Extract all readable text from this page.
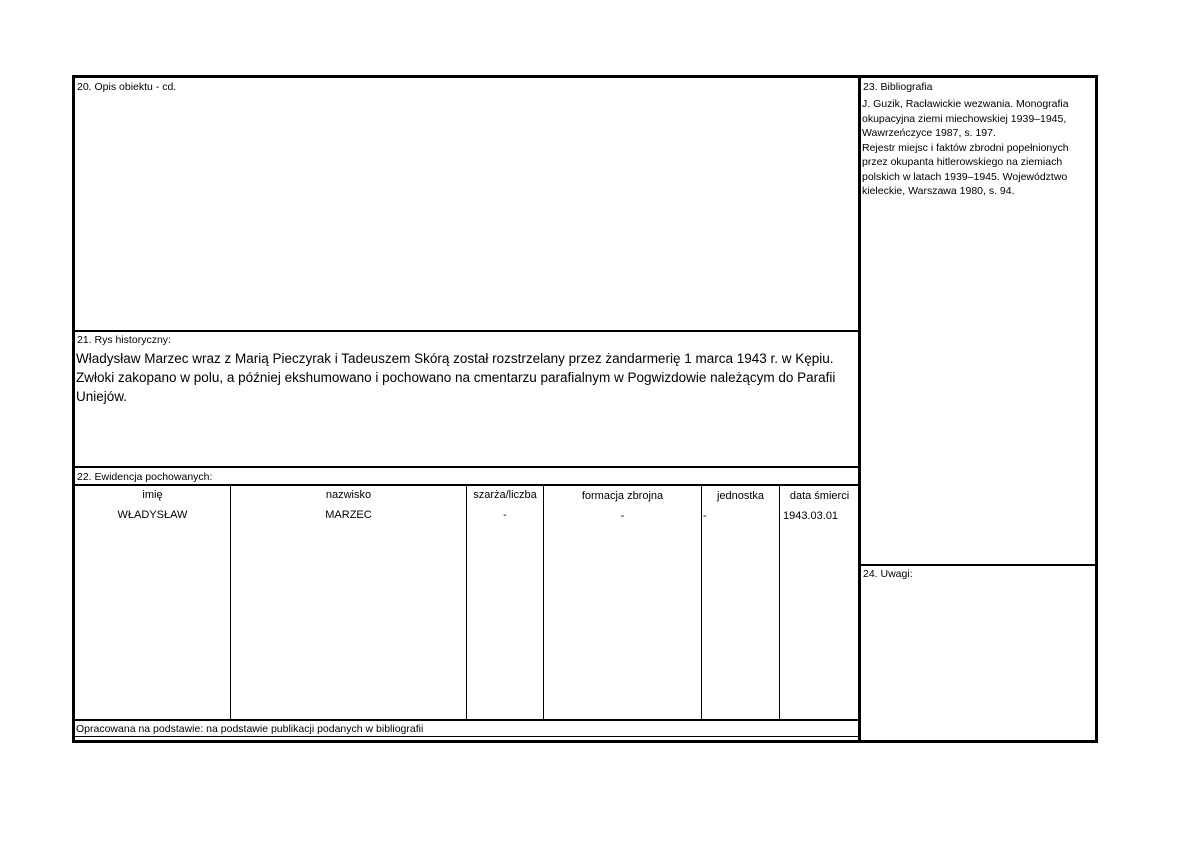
20. Opis obiektu - cd.
21. Rys historyczny:
Władysław Marzec wraz z Marią Pieczyrak i Tadeuszem Skórą został rozstrzelany przez żandarmerię 1 marca 1943 r. w Kępiu. Zwłoki zakopano w polu, a później ekshumowano i pochowano na cmentarzu parafialnym w Pogwizdowie należącym do Parafii Uniejów.
22. Ewidencja pochowanych:
imię	nazwisko	szarża/liczba	formacja zbrojna	jednostka	data śmierci
WŁADYSŁAW	MARZEC	-	-	-	1943.03.01
Opracowana na podstawie: na podstawie publikacji podanych w bibliografii
23. Bibliografia

J. Guzik, Racławickie wezwania. Monografia okupacyjna ziemi miechowskiej 1939–1945, Wawrzeńczyce 1987, s. 197.

Rejestr miejsc i faktów zbrodni popełnionych przez okupanta hitlerowskiego na ziemiach polskich w latach 1939–1945. Województwo kieleckie, Warszawa 1980, s. 94.

24. Uwagi:
